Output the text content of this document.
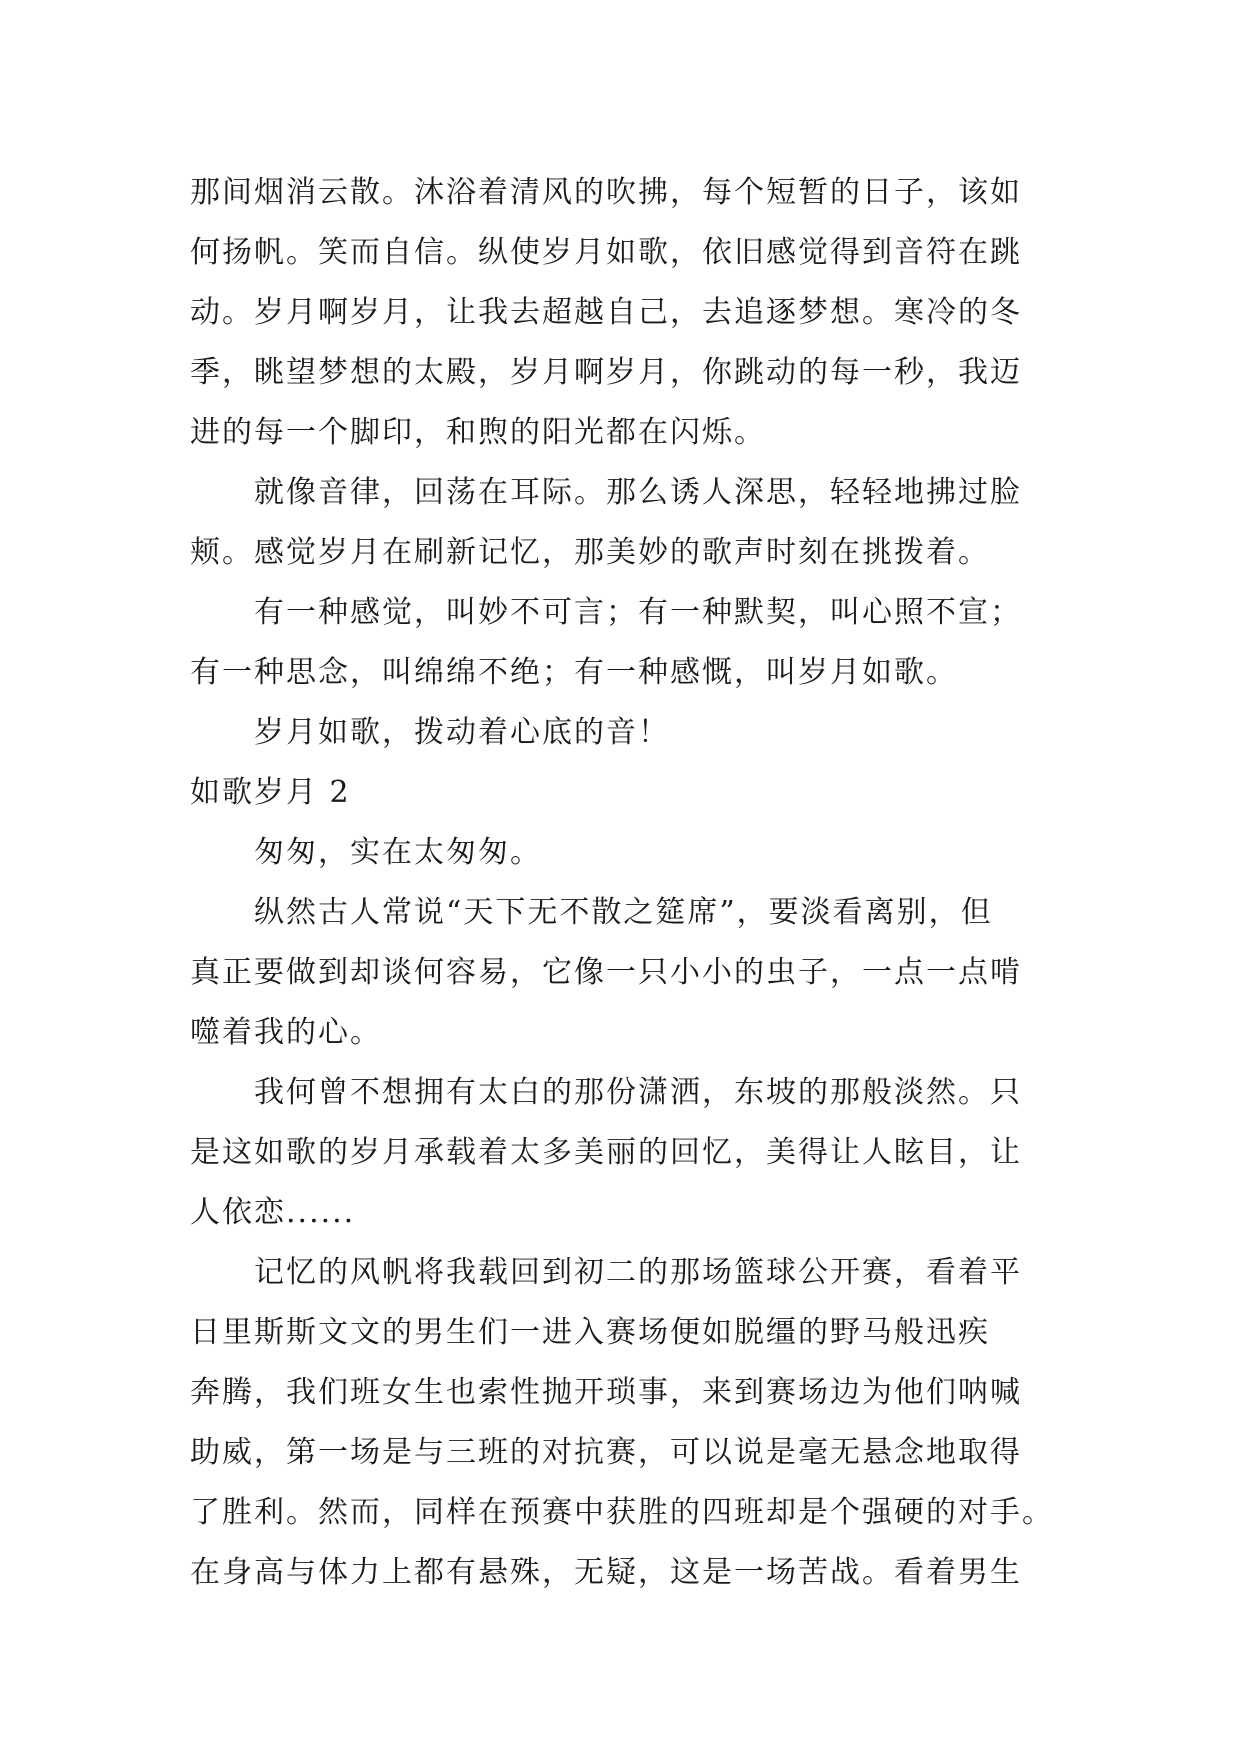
那间烟消云散。沐浴着清风的吹拂，每个短暂的日子，该如
何扬帆。笑而自信。纵使岁月如歌，依旧感觉得到音符在跳
动。岁月啊岁月，让我去超越自己，去追逐梦想。寒冷的冬
季，眺望梦想的太殿，岁月啊岁月，你跳动的每一秒，我迈
进的每一个脚印，和煦的阳光都在闪烁。
就像音律，回荡在耳际。那么诱人深思，轻轻地拂过脸
颊。感觉岁月在刷新记忆，那美妙的歌声时刻在挑拨着。
有一种感觉，叫妙不可言；有一种默契，叫心照不宣；
有一种思念，叫绵绵不绝；有一种感慨，叫岁月如歌。
岁月如歌，拨动着心底的音！
如歌岁月 2
匆匆，实在太匆匆。
纵然古人常说“天下无不散之筵席”，要淡看离别，但
真正要做到却谈何容易，它像一只小小的虫子，一点一点啃
噬着我的心。
我何曾不想拥有太白的那份潇洒，东坡的那般淡然。只
是这如歌的岁月承载着太多美丽的回忆，美得让人眩目，让
人依恋......
记忆的风帆将我载回到初二的那场篮球公开赛，看着平
日里斯斯文文的男生们一进入赛场便如脱缰的野马般迅疾
奔腾，我们班女生也索性抛开琐事，来到赛场边为他们呐喊
助威，第一场是与三班的对抗赛，可以说是毫无悬念地取得
了胜利。然而，同样在预赛中获胜的四班却是个强硬的对手。
在身高与体力上都有悬殊，无疑，这是一场苦战。看着男生
